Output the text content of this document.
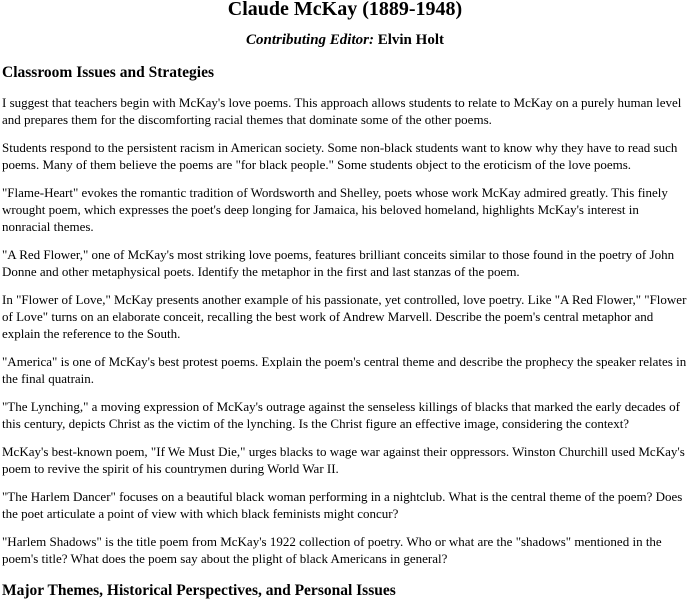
Claude McKay (1889-1948)

Contributing Editor: Elvin Holt

Classroom Issues and Strategies

I suggest that teachers begin with McKay's love poems. This approach allows students to relate to McKay on a purely human level and prepares them for the discomforting racial themes that dominate some of the other poems.

Students respond to the persistent racism in American society. Some non-black students want to know why they have to read such poems. Many of them believe the poems are "for black people." Some students object to the eroticism of the love poems.

"Flame-Heart" evokes the romantic tradition of Wordsworth and Shelley, poets whose work McKay admired greatly. This finely wrought poem, which expresses the poet's deep longing for Jamaica, his beloved homeland, highlights McKay's interest in nonracial themes.

"A Red Flower," one of McKay's most striking love poems, features brilliant conceits similar to those found in the poetry of John Donne and other metaphysical poets. Identify the metaphor in the first and last stanzas of the poem.

In "Flower of Love," McKay presents another example of his passionate, yet controlled, love poetry. Like "A Red Flower," "Flower of Love" turns on an elaborate conceit, recalling the best work of Andrew Marvell. Describe the poem's central metaphor and explain the reference to the South.

"America" is one of McKay's best protest poems. Explain the poem's central theme and describe the prophecy the speaker relates in the final quatrain.

"The Lynching," a moving expression of McKay's outrage against the senseless killings of blacks that marked the early decades of this century, depicts Christ as the victim of the lynching. Is the Christ figure an effective image, considering the context?

McKay's best-known poem, "If We Must Die," urges blacks to wage war against their oppressors. Winston Churchill used McKay's poem to revive the spirit of his countrymen during World War II.

"The Harlem Dancer" focuses on a beautiful black woman performing in a nightclub. What is the central theme of the poem? Does the poet articulate a point of view with which black feminists might concur?

"Harlem Shadows" is the title poem from McKay's 1922 collection of poetry. Who or what are the "shadows" mentioned in the poem's title? What does the poem say about the plight of black Americans in general?

Major Themes, Historical Perspectives, and Personal Issues
